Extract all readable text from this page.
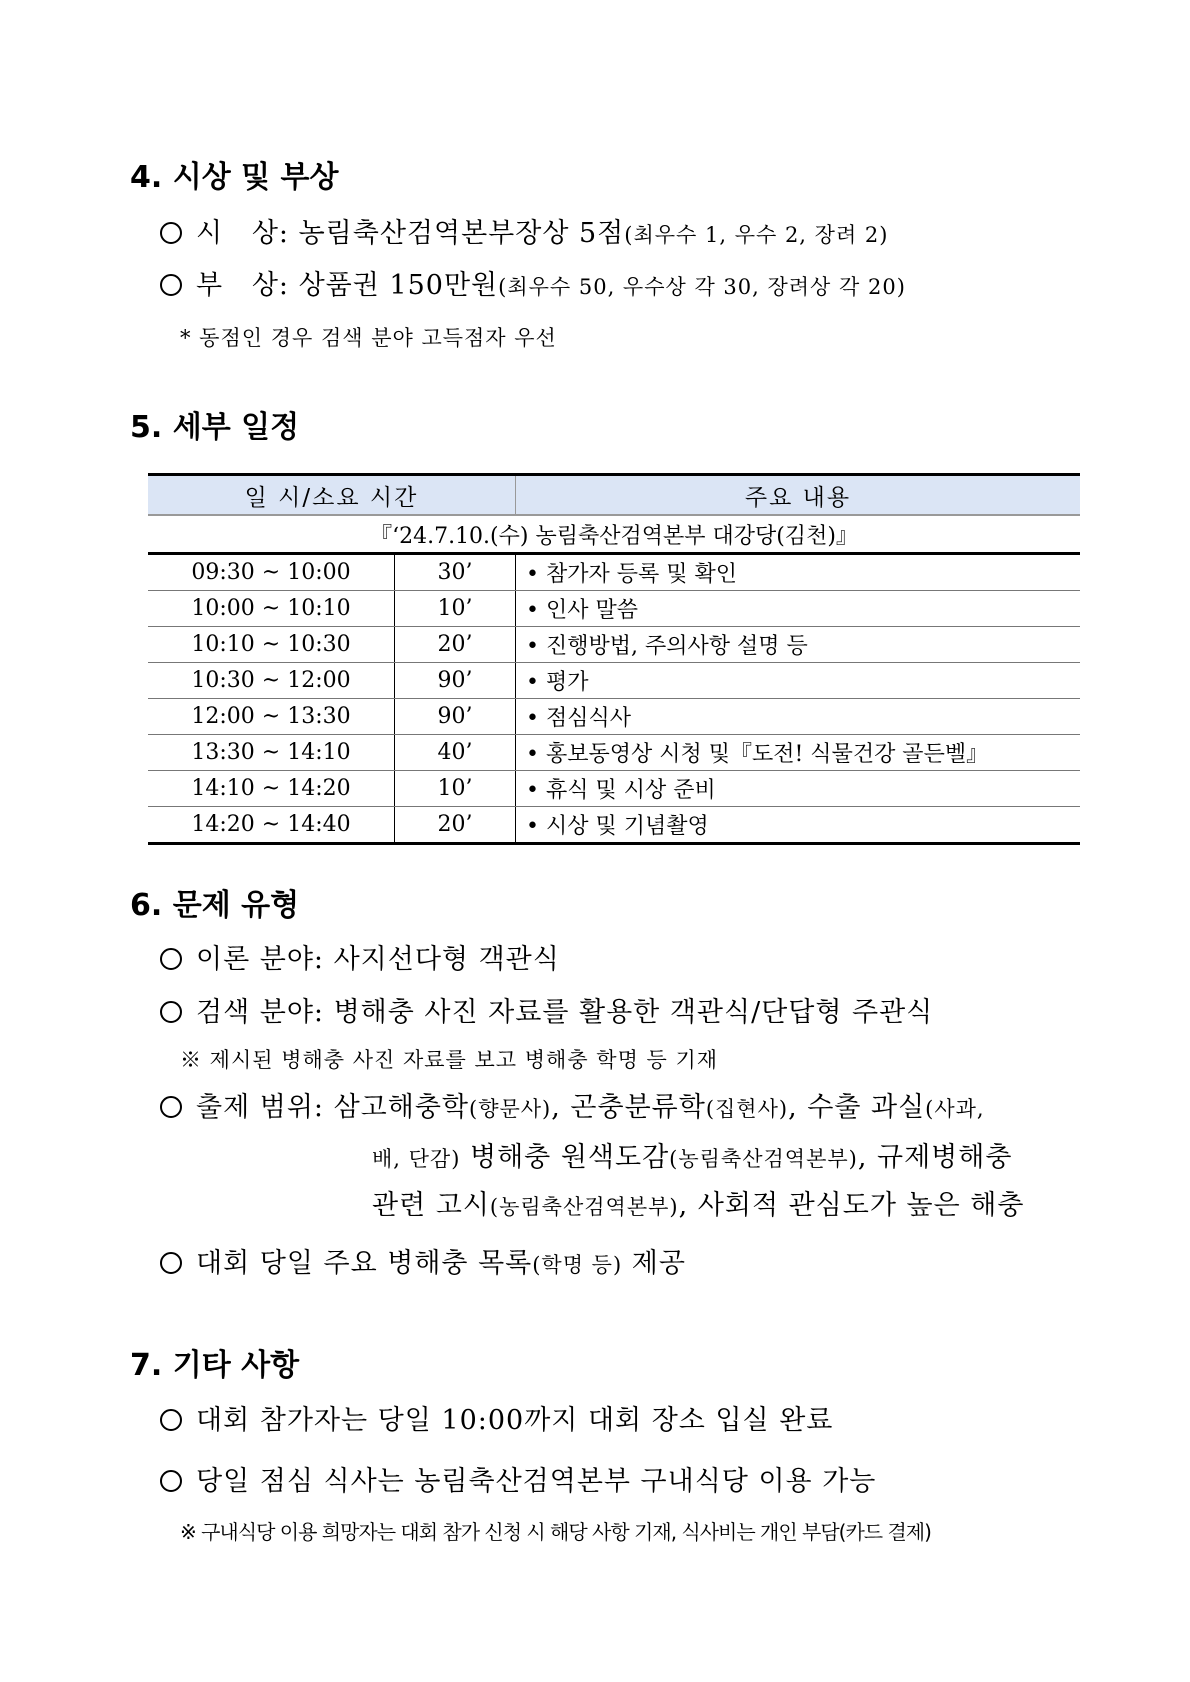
4. 시상 및 부상
시   상: 농림축산검역본부장상 5점(최우수 1, 우수 2, 장려 2)
부   상: 상품권 150만원(최우수 50, 우수상 각 30, 장려상 각 20)
* 동점인 경우 검색 분야 고득점자 우선
5. 세부 일정
일 시/소요 시간		주요 내용
『‘24.7.10.(수) 농림축산검역본부 대강당(김천)』		
09:30 ~ 10:00	30’	• 참가자 등록 및 확인
10:00 ~ 10:10	10’	• 인사 말씀
10:10 ~ 10:30	20’	• 진행방법, 주의사항 설명 등
10:30 ~ 12:00	90’	• 평가
12:00 ~ 13:30	90’	• 점심식사
13:30 ~ 14:10	40’	• 홍보동영상 시청 및『도전! 식물건강 골든벨』
14:10 ~ 14:20	10’	• 휴식 및 시상 준비
14:20 ~ 14:40	20’	• 시상 및 기념촬영
6. 문제 유형
이론 분야: 사지선다형 객관식
검색 분야: 병해충 사진 자료를 활용한 객관식/단답형 주관식
※ 제시된 병해충 사진 자료를 보고 병해충 학명 등 기재
출제 범위: 삼고해충학(향문사), 곤충분류학(집현사), 수출 과실(사과,
배, 단감) 병해충 원색도감(농림축산검역본부), 규제병해충
관련 고시(농림축산검역본부), 사회적 관심도가 높은 해충
대회 당일 주요 병해충 목록(학명 등) 제공
7. 기타 사항
대회 참가자는 당일 10:00까지 대회 장소 입실 완료
당일 점심 식사는 농림축산검역본부 구내식당 이용 가능
※ 구내식당 이용 희망자는 대회 참가 신청 시 해당 사항 기재, 식사비는 개인 부담(카드 결제)
